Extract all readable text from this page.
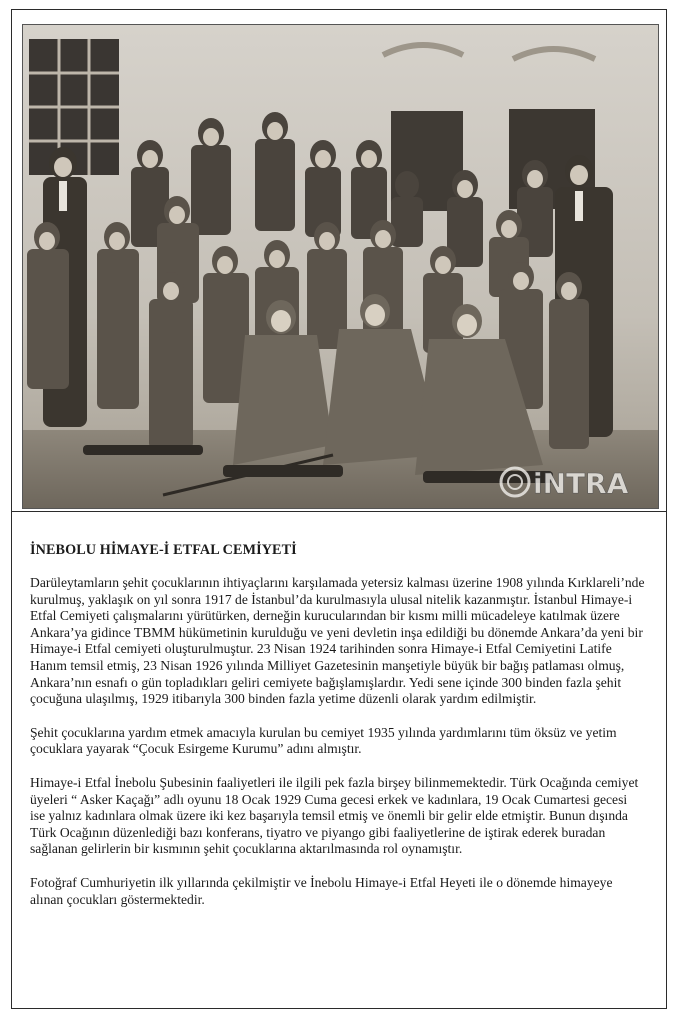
iNTRA
İNEBOLU HİMAYE-İ ETFAL CEMİYETİ

Darüleytamların şehit çocuklarının ihtiyaçlarını karşılamada yetersiz kalması üzerine 1908 yılında Kırklareli’nde kurulmuş, yaklaşık on yıl sonra 1917 de İstanbul’da kurulmasıyla ulusal nitelik kazanmıştır. İstanbul Himaye-i Etfal Cemiyeti çalışmalarını yürütürken, derneğin kurucularından bir kısmı milli mücadeleye katılmak üzere Ankara’ya gidince TBMM hükümetinin kurulduğu ve yeni devletin inşa edildiği bu dönemde Ankara’da yeni bir Himaye-i Etfal cemiyeti oluşturulmuştur. 23 Nisan 1924 tarihinden sonra Himaye-i Etfal Cemiyetini Latife Hanım temsil etmiş, 23 Nisan 1926 yılında Milliyet Gazetesinin manşetiyle büyük bir bağış patlaması olmuş, Ankara’nın esnafı o gün topladıkları geliri cemiyete bağışlamışlardır. Yedi sene içinde 300 binden fazla şehit çocuğuna ulaşılmış, 1929 itibarıyla 300 binden fazla yetime düzenli olarak yardım edilmiştir.

Şehit çocuklarına yardım etmek amacıyla kurulan bu cemiyet 1935 yılında yardımlarını tüm öksüz ve yetim çocuklara yayarak “Çocuk Esirgeme Kurumu” adını almıştır.

Himaye-i Etfal İnebolu Şubesinin faaliyetleri ile ilgili pek fazla birşey bilinmemektedir. Türk Ocağında cemiyet üyeleri “ Asker Kaçağı” adlı oyunu 18 Ocak 1929 Cuma gecesi erkek ve kadınlara, 19 Ocak Cumartesi gecesi ise yalnız kadınlara olmak üzere iki kez başarıyla temsil etmiş ve önemli bir gelir elde etmiştir. Bunun dışında Türk Ocağının düzenlediği bazı konferans, tiyatro ve piyango gibi faaliyetlerine de iştirak ederek buradan sağlanan gelirlerin bir kısmının şehit çocuklarına aktarılmasında rol oynamıştır.

Fotoğraf Cumhuriyetin ilk yıllarında çekilmiştir ve İnebolu Himaye-i Etfal Heyeti ile o dönemde himayeye alınan çocukları göstermektedir.
